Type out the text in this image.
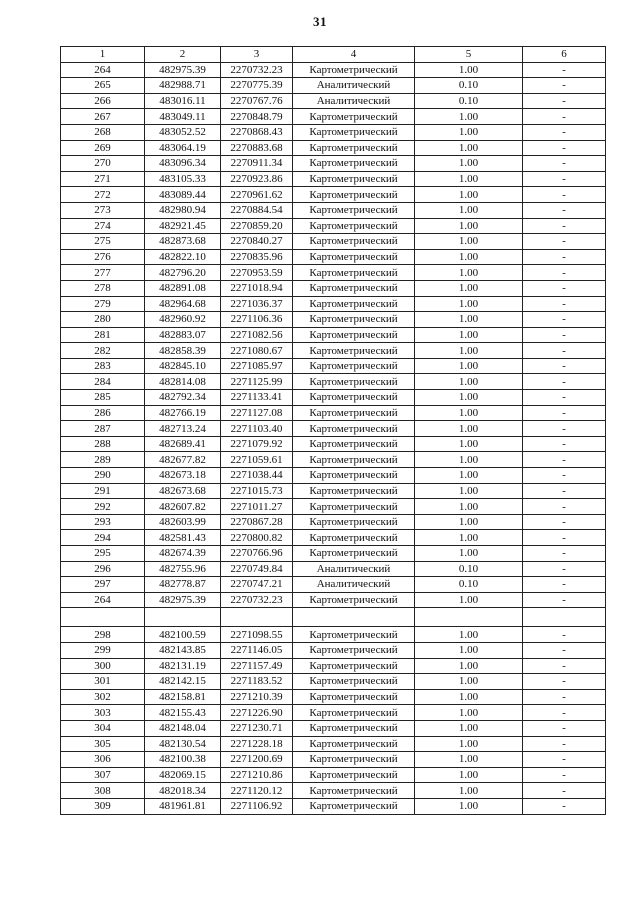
31
1	2	3	4	5	6
264	482975.39	2270732.23	Картометрический	1.00	-
265	482988.71	2270775.39	Аналитический	0.10	-
266	483016.11	2270767.76	Аналитический	0.10	-
267	483049.11	2270848.79	Картометрический	1.00	-
268	483052.52	2270868.43	Картометрический	1.00	-
269	483064.19	2270883.68	Картометрический	1.00	-
270	483096.34	2270911.34	Картометрический	1.00	-
271	483105.33	2270923.86	Картометрический	1.00	-
272	483089.44	2270961.62	Картометрический	1.00	-
273	482980.94	2270884.54	Картометрический	1.00	-
274	482921.45	2270859.20	Картометрический	1.00	-
275	482873.68	2270840.27	Картометрический	1.00	-
276	482822.10	2270835.96	Картометрический	1.00	-
277	482796.20	2270953.59	Картометрический	1.00	-
278	482891.08	2271018.94	Картометрический	1.00	-
279	482964.68	2271036.37	Картометрический	1.00	-
280	482960.92	2271106.36	Картометрический	1.00	-
281	482883.07	2271082.56	Картометрический	1.00	-
282	482858.39	2271080.67	Картометрический	1.00	-
283	482845.10	2271085.97	Картометрический	1.00	-
284	482814.08	2271125.99	Картометрический	1.00	-
285	482792.34	2271133.41	Картометрический	1.00	-
286	482766.19	2271127.08	Картометрический	1.00	-
287	482713.24	2271103.40	Картометрический	1.00	-
288	482689.41	2271079.92	Картометрический	1.00	-
289	482677.82	2271059.61	Картометрический	1.00	-
290	482673.18	2271038.44	Картометрический	1.00	-
291	482673.68	2271015.73	Картометрический	1.00	-
292	482607.82	2271011.27	Картометрический	1.00	-
293	482603.99	2270867.28	Картометрический	1.00	-
294	482581.43	2270800.82	Картометрический	1.00	-
295	482674.39	2270766.96	Картометрический	1.00	-
296	482755.96	2270749.84	Аналитический	0.10	-
297	482778.87	2270747.21	Аналитический	0.10	-
264	482975.39	2270732.23	Картометрический	1.00	-

298	482100.59	2271098.55	Картометрический	1.00	-
299	482143.85	2271146.05	Картометрический	1.00	-
300	482131.19	2271157.49	Картометрический	1.00	-
301	482142.15	2271183.52	Картометрический	1.00	-
302	482158.81	2271210.39	Картометрический	1.00	-
303	482155.43	2271226.90	Картометрический	1.00	-
304	482148.04	2271230.71	Картометрический	1.00	-
305	482130.54	2271228.18	Картометрический	1.00	-
306	482100.38	2271200.69	Картометрический	1.00	-
307	482069.15	2271210.86	Картометрический	1.00	-
308	482018.34	2271120.12	Картометрический	1.00	-
309	481961.81	2271106.92	Картометрический	1.00	-
